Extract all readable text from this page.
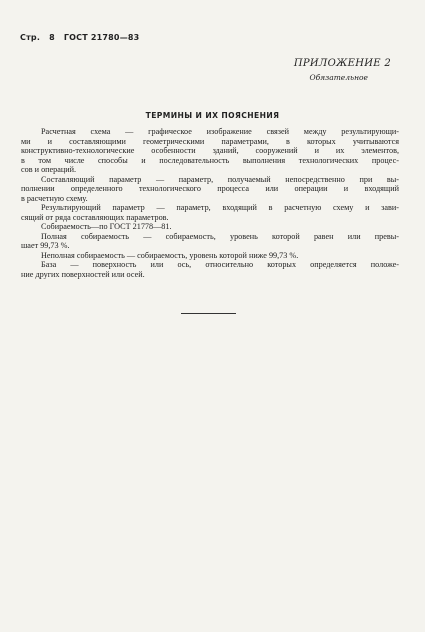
Стр. 8 ГОСТ 21780—83
ПРИЛОЖЕНИЕ 2
Обязательное
ТЕРМИНЫ И ИХ ПОЯСНЕНИЯ
Расчетная схема — графическое изображение связей между результирующи-
ми и составляющими геометрическими параметрами, в которых учитываются
конструктивно-технологические особенности зданий, сооружений и их элементов,
в том числе способы и последовательность выполнения технологических процес-
сов и операций.
Составляющий параметр — параметр, получаемый непосредственно при вы-
полнении определенного технологического процесса или операции и входящий
в расчетную схему.
Результирующий параметр — параметр, входящий в расчетную схему и зави-
сящий от ряда составляющих параметров.
Собираемость—по ГОСТ 21778—81.
Полная собираемость — собираемость, уровень которой равен или превы-
шает 99,73 %.
Неполная собираемость — собираемость, уровень которой ниже 99,73 %.
База — поверхность или ось, относительно которых определяется положе-
ние других поверхностей или осей.
